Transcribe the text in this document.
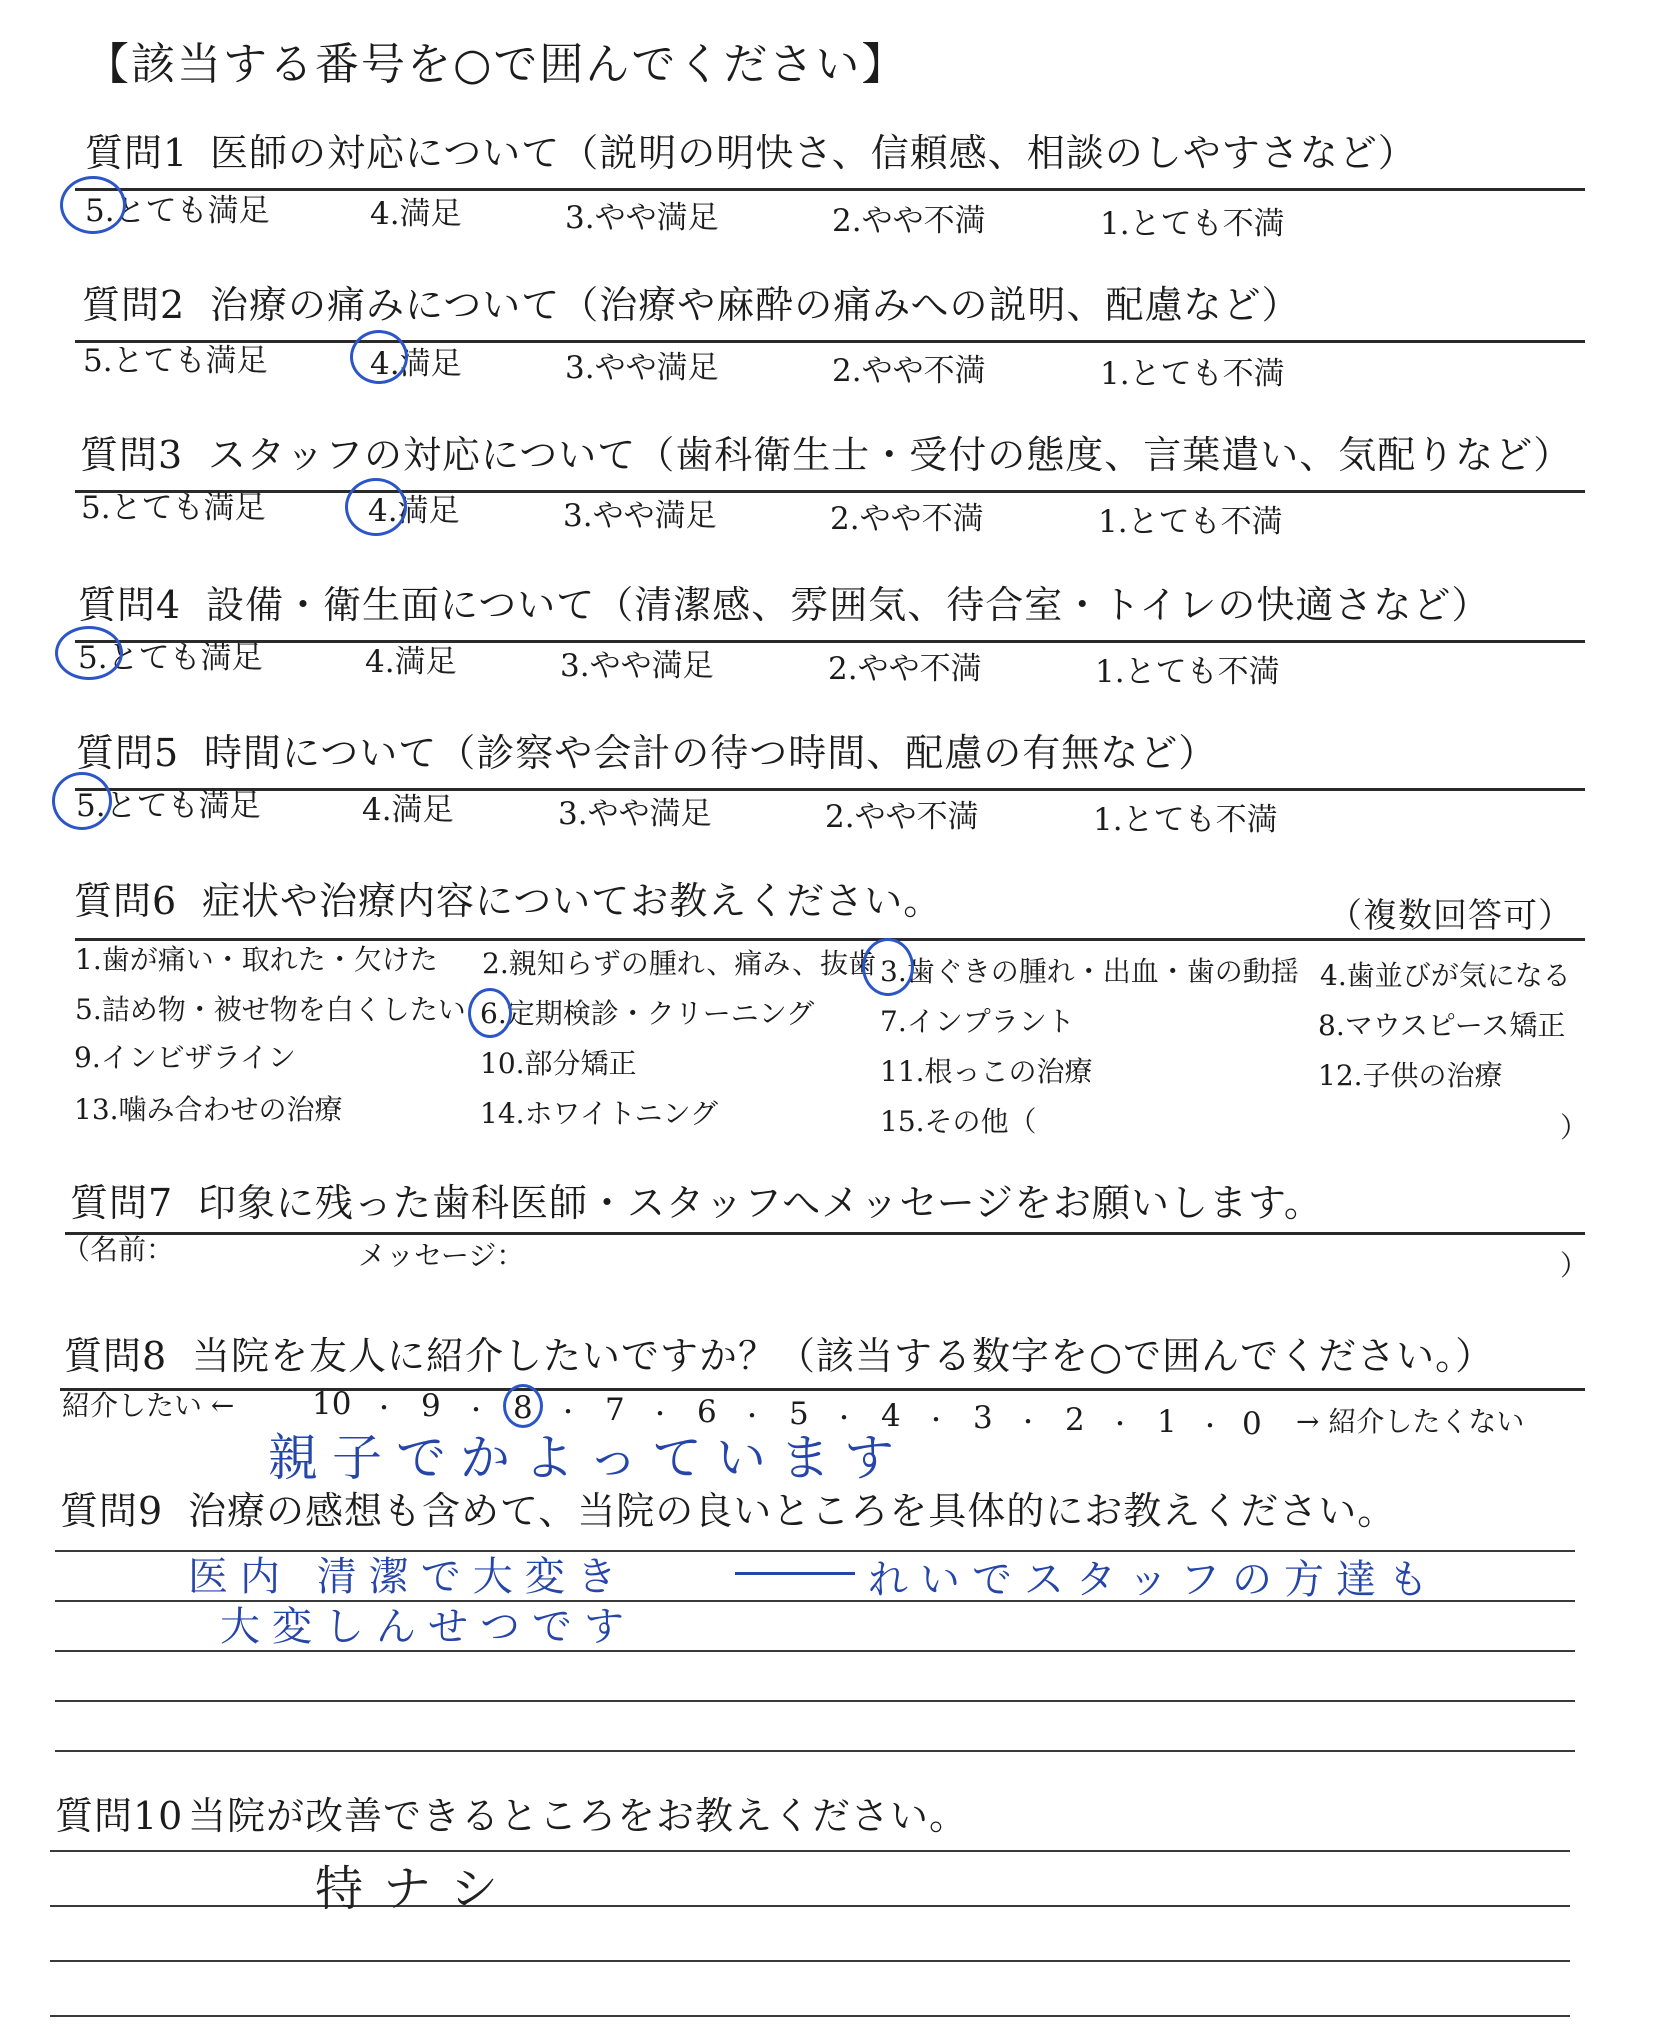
【該当する番号を○で囲んでください】
質問1 医師の対応について（説明の明快さ、信頼感、相談のしやすさなど）
5.とても満足	4.満足	3.やや満足	2.やや不満	1.とても不満
質問2 治療の痛みについて（治療や麻酔の痛みへの説明、配慮など）
5.とても満足	4.満足	3.やや満足	2.やや不満	1.とても不満
質問3 スタッフの対応について（歯科衛生士・受付の態度、言葉遣い、気配りなど）
5.とても満足	4.満足	3.やや満足	2.やや不満	1.とても不満
質問4 設備・衛生面について（清潔感、雰囲気、待合室・トイレの快適さなど）
5.とても満足	4.満足	3.やや満足	2.やや不満	1.とても不満
質問5 時間について（診察や会計の待つ時間、配慮の有無など）
5.とても満足	4.満足	3.やや満足	2.やや不満	1.とても不満
質問6 症状や治療内容についてお教えください。	（複数回答可）
1.歯が痛い・取れた・欠けた 2.親知らずの腫れ、痛み、抜歯 3.歯ぐきの腫れ・出血・歯の動揺 4.歯並びが気になる
5.詰め物・被せ物を白くしたい 6.定期検診・クリーニング 7.インプラント	8.マウスピース矯正
9.インビザライン	10.部分矯正	11.根っこの治療	12.子供の治療
13.噛み合わせの治療	14.ホワイトニング	15.その他（	）
質問7 印象に残った歯科医師・スタッフへメッセージをお願いします。
（名前：	メッセージ：	）
質問8 当院を友人に紹介したいですか？（該当する数字を○で囲んでください。）
紹介したい ←	→ 紹介したくない
10 9 8 7 6 5 4 3 2 1 0
・	・	・	・	・	・	・	・	・	・
親子でかよっています
質問9 治療の感想も含めて、当院の良いところを具体的にお教えください。
医内 清潔で大変き	れいでスタッフの方達も
大変しんせつです
質問10 当院が改善できるところをお教えください。
特ナシ
